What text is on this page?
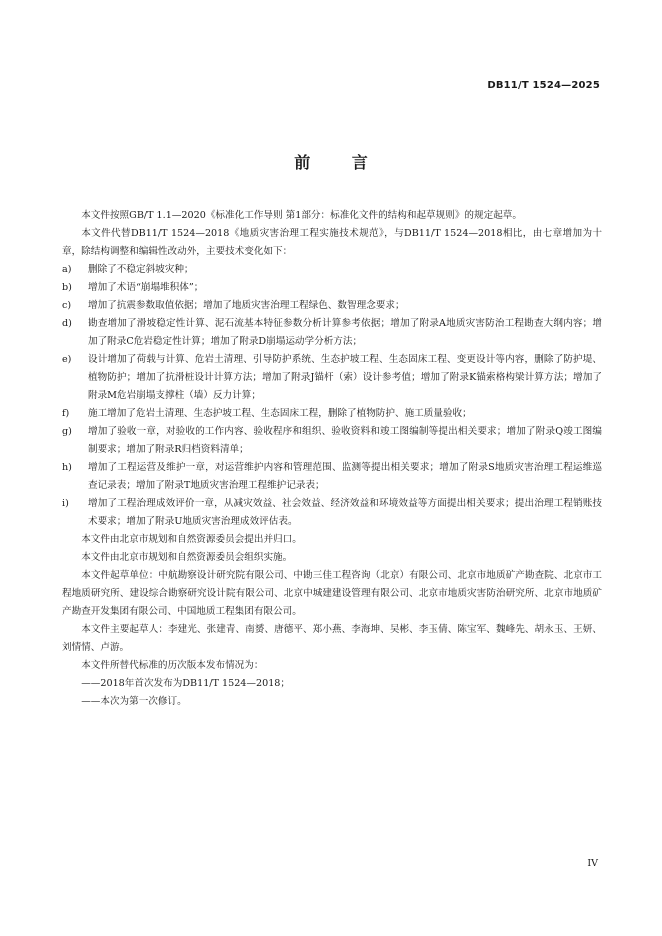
DB11/T 1524—2025
前 言

本文件按照GB/T 1.1—2020《标准化工作导则 第1部分：标准化文件的结构和起草规则》的规定起草。

本文件代替DB11/T 1524—2018《地质灾害治理工程实施技术规范》，与DB11/T 1524—2018相比，由七章增加为十章，除结构调整和编辑性改动外，主要技术变化如下：

a)	删除了不稳定斜坡灾种；
b)	增加了术语“崩塌堆积体”；
c)	增加了抗震参数取值依据；增加了地质灾害治理工程绿色、数智理念要求；
d)	勘查增加了滑坡稳定性计算、泥石流基本特征参数分析计算参考依据；增加了附录A地质灾害防治工程勘查大纲内容；增加了附录C危岩稳定性计算；增加了附录D崩塌运动学分析方法；
e)	设计增加了荷载与计算、危岩土清理、引导防护系统、生态护坡工程、生态固床工程、变更设计等内容，删除了防护堤、植物防护；增加了抗滑桩设计计算方法；增加了附录J锚杆（索）设计参考值；增加了附录K锚索格构梁计算方法；增加了附录M危岩崩塌支撑柱（墙）反力计算；
f)	施工增加了危岩土清理、生态护坡工程、生态固床工程，删除了植物防护、施工质量验收；
g)	增加了验收一章，对验收的工作内容、验收程序和组织、验收资料和竣工图编制等提出相关要求；增加了附录Q竣工图编制要求；增加了附录R归档资料清单；
h)	增加了工程运营及维护一章，对运营维护内容和管理范围、监测等提出相关要求；增加了附录S地质灾害治理工程运维巡查记录表；增加了附录T地质灾害治理工程维护记录表；
i)	增加了工程治理成效评价一章，从减灾效益、社会效益、经济效益和环境效益等方面提出相关要求；提出治理工程销账技术要求；增加了附录U地质灾害治理成效评估表。

本文件由北京市规划和自然资源委员会提出并归口。

本文件由北京市规划和自然资源委员会组织实施。

本文件起草单位：中航勘察设计研究院有限公司、中勘三佳工程咨询（北京）有限公司、北京市地质矿产勘查院、北京市工程地质研究所、建设综合勘察研究设计院有限公司、北京中城建建设管理有限公司、北京市地质灾害防治研究所、北京市地质矿产勘查开发集团有限公司、中国地质工程集团有限公司。

本文件主要起草人：李建光、张建青、南赟、唐德平、郑小燕、李海坤、吴彬、李玉倩、陈宝军、魏峰先、胡永玉、王妍、刘情情、卢游。

本文件所替代标准的历次版本发布情况为：

——2018年首次发布为DB11/T 1524—2018；

——本次为第一次修订。

IV
